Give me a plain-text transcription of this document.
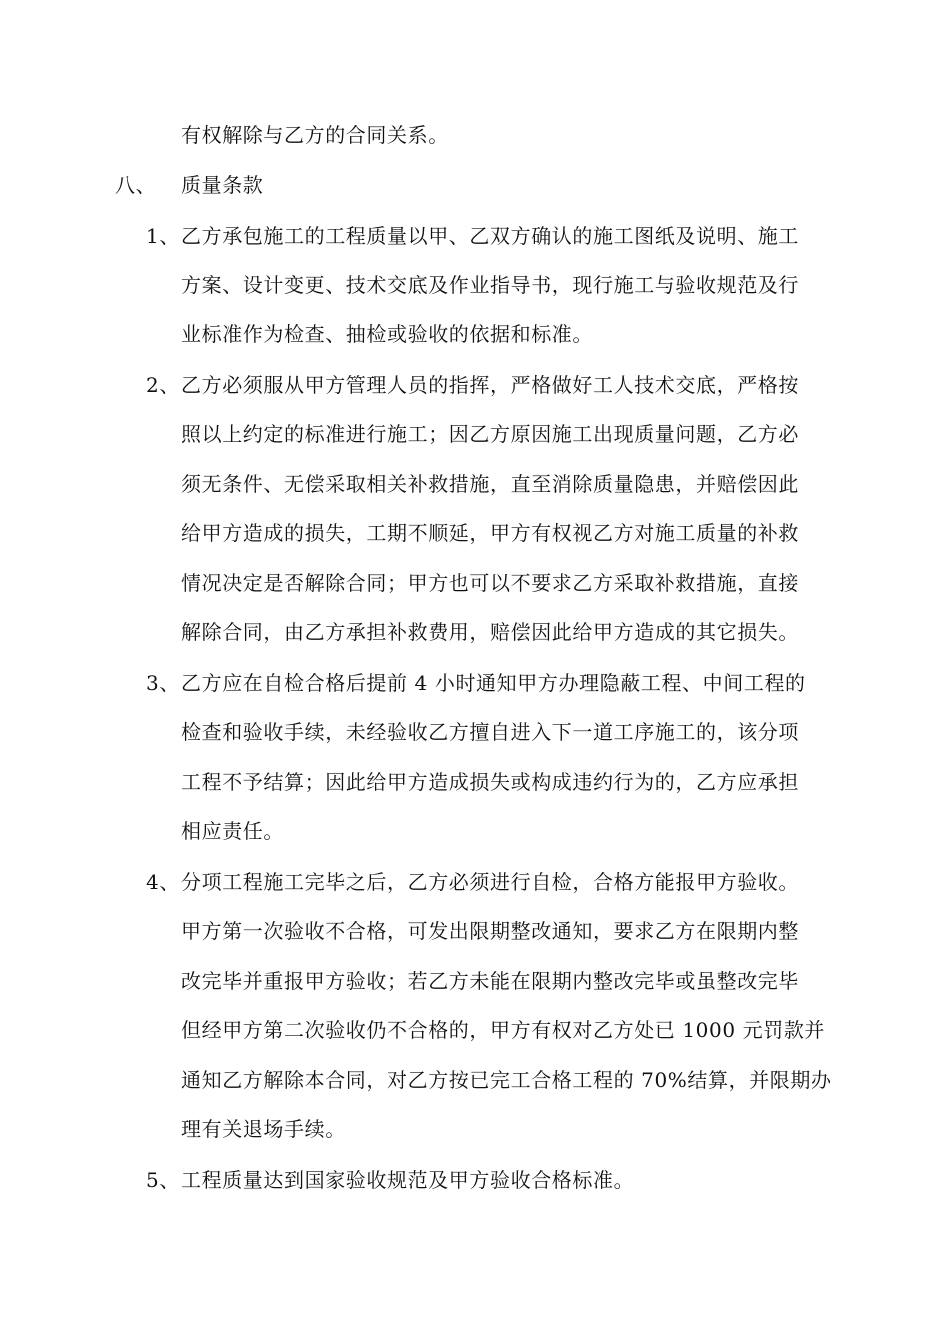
有权解除与乙方的合同关系。
八、 质量条款
1、 乙方承包施工的工程质量以甲、乙双方确认的施工图纸及说明、施工
方案、设计变更、技术交底及作业指导书，现行施工与验收规范及行
业标准作为检查、抽检或验收的依据和标准。
2、 乙方必须服从甲方管理人员的指挥，严格做好工人技术交底，严格按
照以上约定的标准进行施工；因乙方原因施工出现质量问题，乙方必
须无条件、无偿采取相关补救措施，直至消除质量隐患，并赔偿因此
给甲方造成的损失，工期不顺延，甲方有权视乙方对施工质量的补救
情况决定是否解除合同；甲方也可以不要求乙方采取补救措施，直接
解除合同，由乙方承担补救费用，赔偿因此给甲方造成的其它损失。
3、 乙方应在自检合格后提前 4 小时通知甲方办理隐蔽工程、中间工程的
检查和验收手续，未经验收乙方擅自进入下一道工序施工的，该分项
工程不予结算；因此给甲方造成损失或构成违约行为的，乙方应承担
相应责任。
4、 分项工程施工完毕之后，乙方必须进行自检，合格方能报甲方验收。
甲方第一次验收不合格，可发出限期整改通知，要求乙方在限期内整
改完毕并重报甲方验收；若乙方未能在限期内整改完毕或虽整改完毕
但经甲方第二次验收仍不合格的，甲方有权对乙方处已 1000 元罚款并
通知乙方解除本合同，对乙方按已完工合格工程的 70%结算，并限期办
理有关退场手续。
5、 工程质量达到国家验收规范及甲方验收合格标准。
